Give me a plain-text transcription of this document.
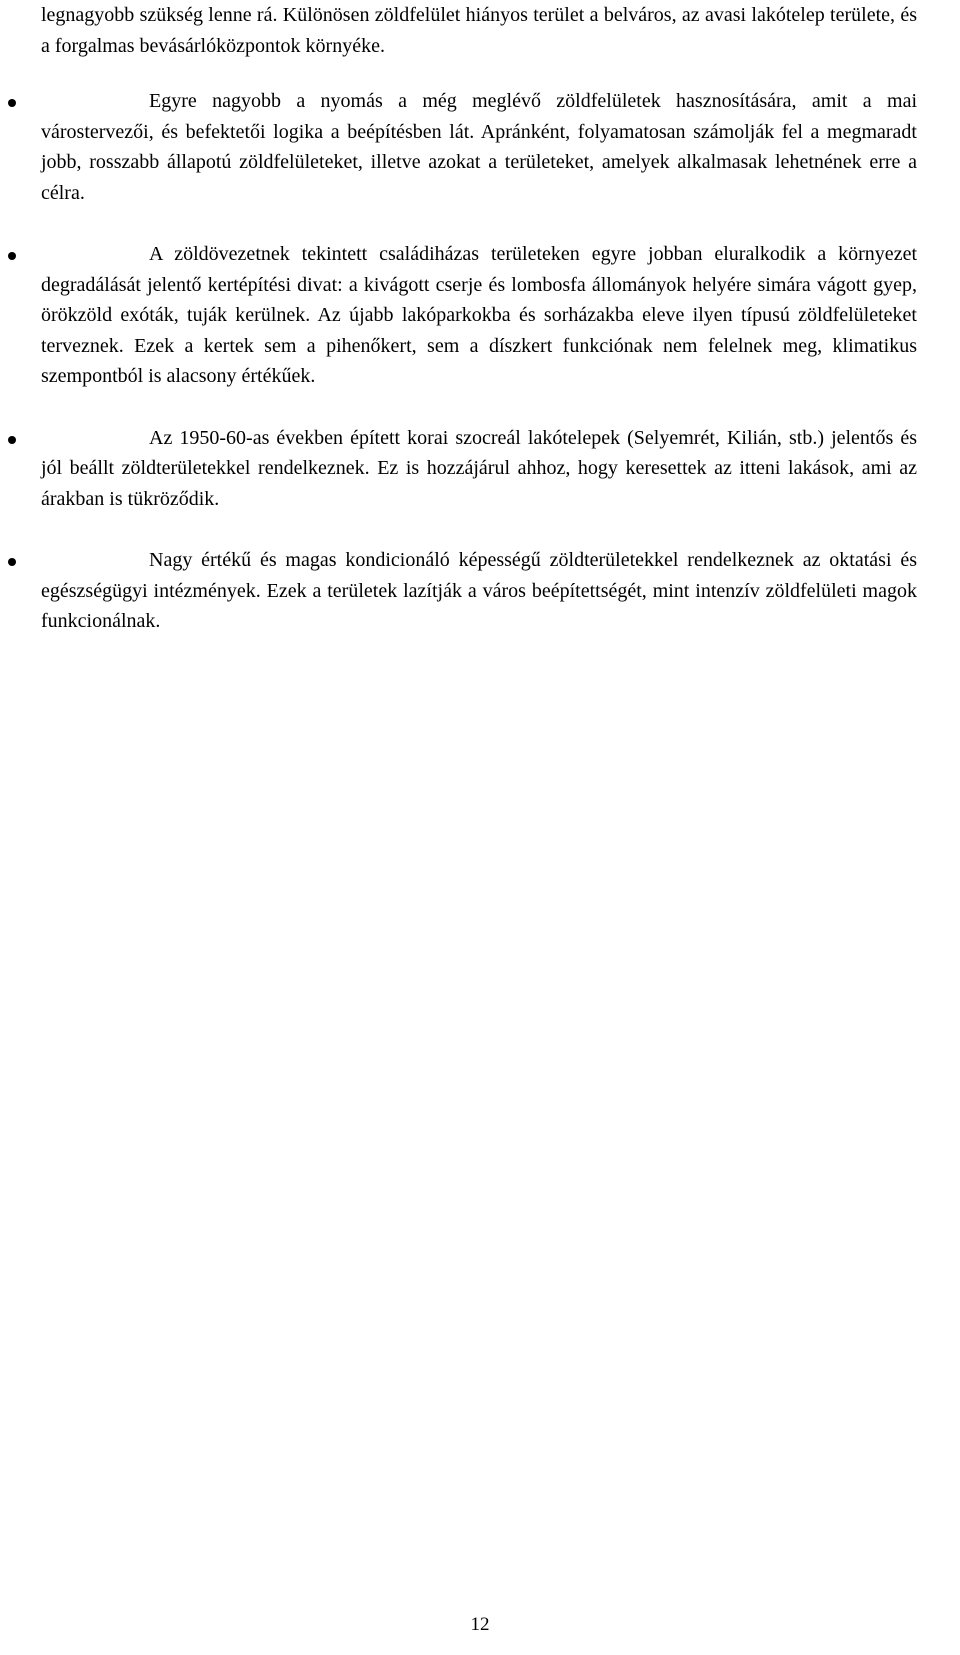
legnagyobb szükség lenne rá. Különösen zöldfelület hiányos terület a belváros, az avasi lakótelep területe, és a forgalmas bevásárlóközpontok környéke.

Egyre nagyobb a nyomás a még meglévő zöldfelületek hasznosítására, amit a mai várostervezői, és befektetői logika a beépítésben lát. Apránként, folyamatosan számolják fel a megmaradt jobb, rosszabb állapotú zöldfelületeket, illetve azokat a területeket, amelyek alkalmasak lehetnének erre a célra.

A zöldövezetnek tekintett családiházas területeken egyre jobban eluralkodik a környezet degradálását jelentő kertépítési divat: a kivágott cserje és lombosfa állományok helyére simára vágott gyep, örökzöld exóták, tuják kerülnek. Az újabb lakóparkokba és sorházakba eleve ilyen típusú zöldfelületeket terveznek. Ezek a kertek sem a pihenőkert, sem a díszkert funkciónak nem felelnek meg, klimatikus szempontból is alacsony értékűek.

Az 1950-60-as években épített korai szocreál lakótelepek (Selyemrét, Kilián, stb.) jelentős és jól beállt zöldterületekkel rendelkeznek. Ez is hozzájárul ahhoz, hogy keresettek az itteni lakások, ami az árakban is tükröződik.

Nagy értékű és magas kondicionáló képességű zöldterületekkel rendelkeznek az oktatási és egészségügyi intézmények. Ezek a területek lazítják a város beépítettségét, mint intenzív zöldfelületi magok funkcionálnak.

12
